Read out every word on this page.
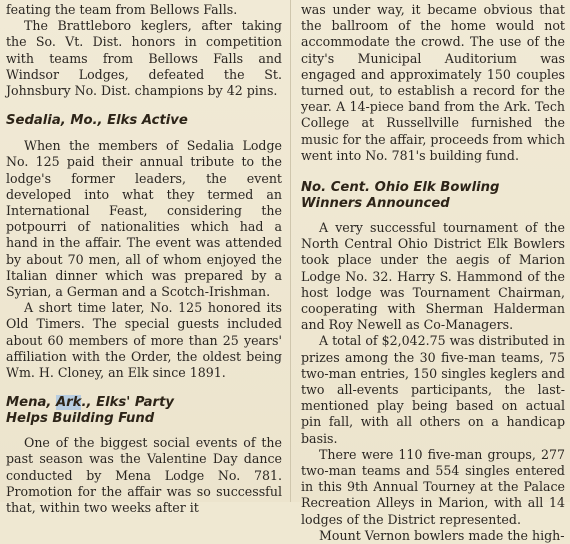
feating the team from Bellows Falls.

The Brattleboro keglers, after taking the So. Vt. Dist. honors in competition with teams from Bellows Falls and Windsor Lodges, defeated the St. Johnsbury No. Dist. champions by 42 pins.

Sedalia, Mo., Elks Active

When the members of Sedalia Lodge No. 125 paid their annual tribute to the lodge's former leaders, the event developed into what they termed an International Feast, considering the potpourri of nationalities which had a hand in the affair. The event was attended by about 70 men, all of whom enjoyed the Italian dinner which was prepared by a Syrian, a German and a Scotch-Irishman.

A short time later, No. 125 honored its Old Timers. The special guests included about 60 members of more than 25 years' affiliation with the Order, the oldest being Wm. H. Cloney, an Elk since 1891.

Mena, Ark., Elks' Party
Helps Building Fund

One of the biggest social events of the past season was the Valentine Day dance conducted by Mena Lodge No. 781. Promotion for the affair was so successful that, within two weeks after it

was under way, it became obvious that the ballroom of the home would not accommodate the crowd. The use of the city's Municipal Auditorium was engaged and approximately 150 couples turned out, to establish a record for the year. A 14-piece band from the Ark. Tech College at Russellville furnished the music for the affair, proceeds from which went into No. 781's building fund.

No. Cent. Ohio Elk Bowling
Winners Announced

A very successful tournament of the North Central Ohio District Elk Bowlers took place under the aegis of Marion Lodge No. 32. Harry S. Hammond of the host lodge was Tournament Chairman, cooperating with Sherman Halderman and Roy Newell as Co-Managers.

A total of $2,042.75 was distributed in prizes among the 30 five-man teams, 75 two-man entries, 150 singles keglers and two all-events participants, the last-mentioned play being based on actual pin fall, with all others on a handicap basis.

There were 110 five-man groups, 277 two-man teams and 554 singles entered in this 9th Annual Tourney at the Palace Recreation Alleys in Marion, with all 14 lodges of the District represented.

Mount Vernon bowlers made the high-
